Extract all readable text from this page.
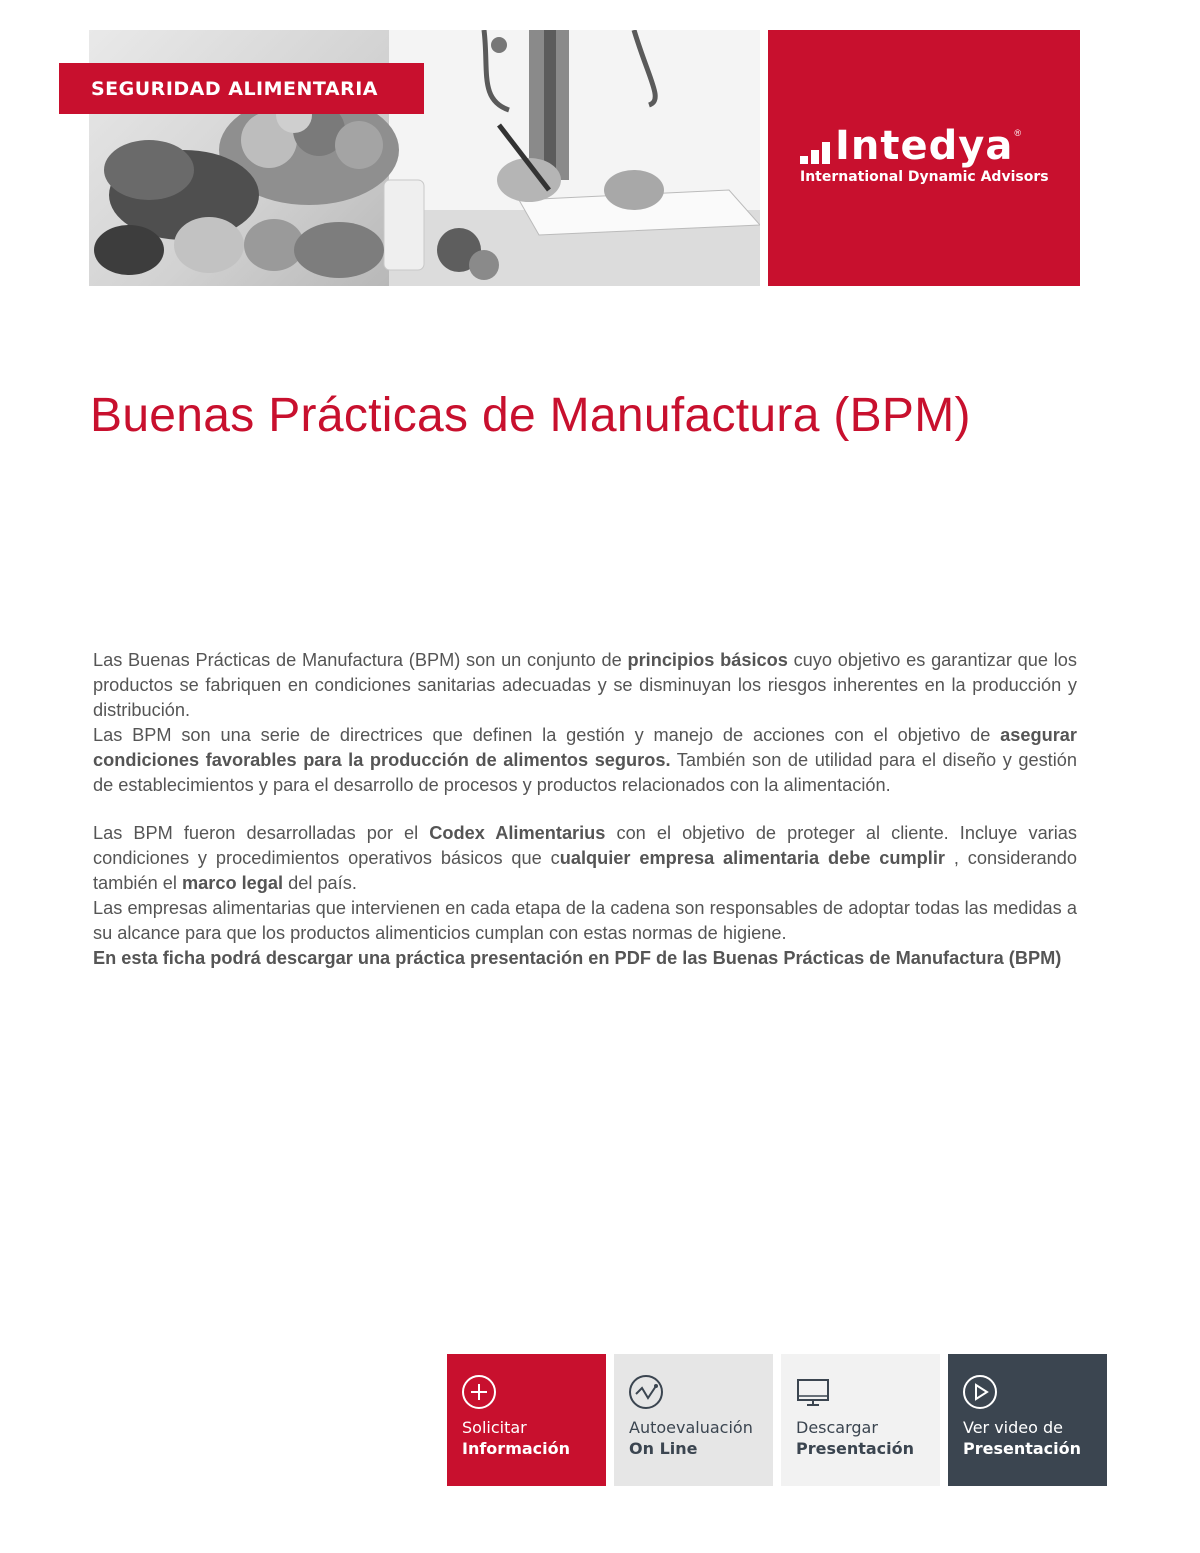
SEGURIDAD ALIMENTARIA
Intedya ®
International Dynamic Advisors
Buenas Prácticas de Manufactura (BPM)

Las Buenas Prácticas de Manufactura (BPM) son un conjunto de principios básicos cuyo objetivo es garantizar que los productos se fabriquen en condiciones sanitarias adecuadas y se disminuyan los riesgos inherentes en la producción y distribución.

Las BPM son una serie de directrices que definen la gestión y manejo de acciones con el objetivo de asegurar condiciones favorables para la producción de alimentos seguros. También son de utilidad para el diseño y gestión de establecimientos y para el desarrollo de procesos y productos relacionados con la alimentación.

Las BPM fueron desarrolladas por el Codex Alimentarius con el objetivo de proteger al cliente. Incluye varias condiciones y procedimientos operativos básicos que cualquier empresa alimentaria debe cumplir , considerando también el marco legal del país.

Las empresas alimentarias que intervienen en cada etapa de la cadena son responsables de adoptar todas las medidas a su alcance para que los productos alimenticios cumplan con estas normas de higiene.

En esta ficha podrá descargar una práctica presentación en PDF de las Buenas Prácticas de Manufactura (BPM)

Solicitar
Información
Autoevaluación
On Line
Descargar
Presentación
Ver video de
Presentación
